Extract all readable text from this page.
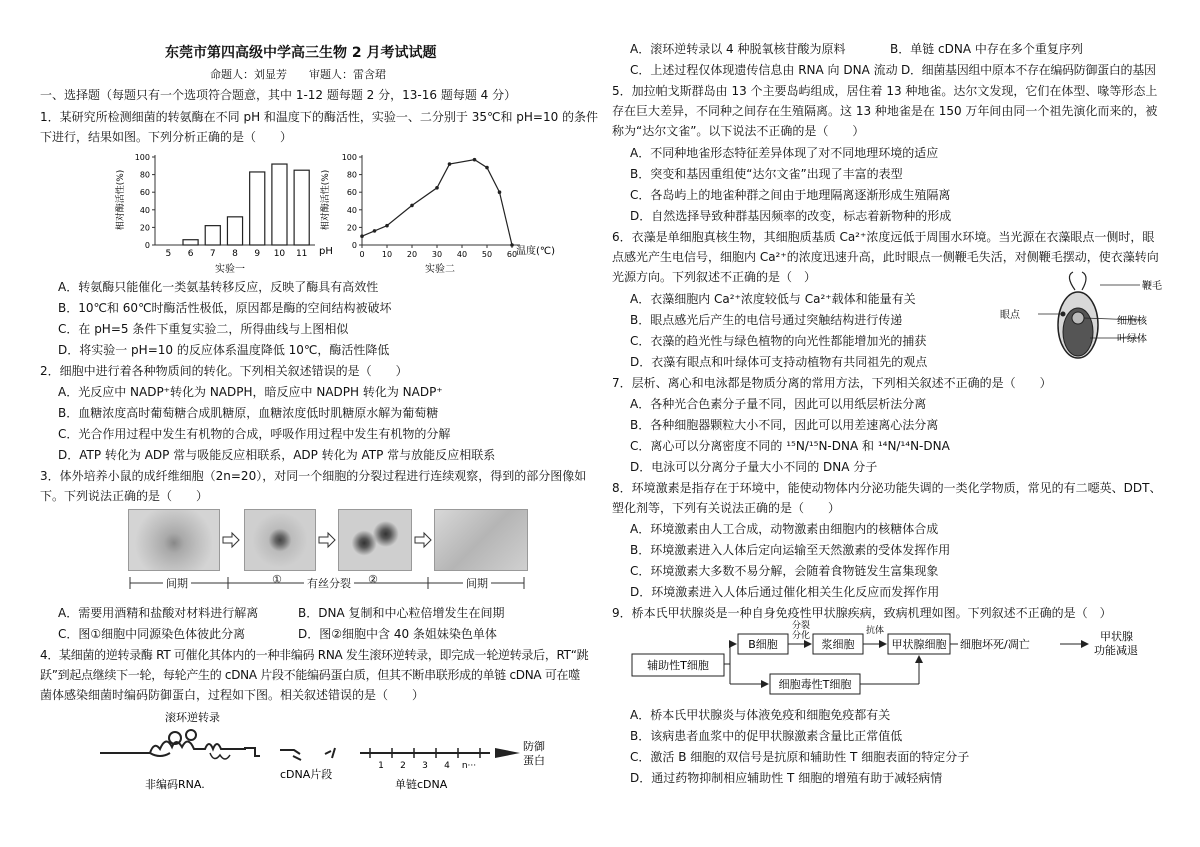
东莞市第四高级中学高三生物 2 月考试试题
命题人：刘显芳　　审题人：雷含珺
一、选择题（每题只有一个选项符合题意，其中 1-12 题每题 2 分，13-16 题每题 4 分）
1．某研究所检测细菌的转氨酶在不同 pH 和温度下的酶活性，实验一、二分别于 35℃和 pH=10 的条件
下进行，结果如图。下列分析正确的是（　　）
0
20
40
60
80
100
5 6 7 8 9 10 11
相对酶活性(%)
pH
实验一
0
20
40
60
80
100
0 10 20 30 40 50 60
相对酶活性(%)
温度(℃)
实验二
A．转氨酶只能催化一类氨基转移反应，反映了酶具有高效性
B．10℃和 60℃时酶活性极低，原因都是酶的空间结构被破坏
C．在 pH=5 条件下重复实验二，所得曲线与上图相似
D．将实验一 pH=10 的反应体系温度降低 10℃，酶活性降低
2．细胞中进行着各种物质间的转化。下列相关叙述错误的是（　　）
A．光反应中 NADP⁺转化为 NADPH，暗反应中 NADPH 转化为 NADP⁺
B．血糖浓度高时葡萄糖合成肌糖原，血糖浓度低时肌糖原水解为葡萄糖
C．光合作用过程中发生有机物的合成，呼吸作用过程中发生有机物的分解
D．ATP 转化为 ADP 常与吸能反应相联系，ADP 转化为 ATP 常与放能反应相联系
3．体外培养小鼠的成纤维细胞（2n=20），对同一个细胞的分裂过程进行连续观察，得到的部分图像如
下。下列说法正确的是（　　）
间期	① 有丝分裂 ②	间期
A．需要用酒精和盐酸对材料进行解离	B．DNA 复制和中心粒倍增发生在间期
C．图①细胞中同源染色体彼此分离	D．图②细胞中含 40 条姐妹染色单体
4．某细菌的逆转录酶 RT 可催化其体内的一种非编码 RNA 发生滚环逆转录，即完成一轮逆转录后，RT“跳
跃”到起点继续下一轮，每轮产生的 cDNA 片段不能编码蛋白质，但其不断串联形成的单链 cDNA 可在噬
菌体感染细菌时编码防御蛋白，过程如下图。相关叙述错误的是（　　）
滚环逆转录
非编码RNA.
cDNA片段
1 2 3 4 n···
防御
蛋白
单链cDNA
A．滚环逆转录以 4 种脱氧核苷酸为原料	B．单链 cDNA 中存在多个重复序列
C．上述过程仅体现遗传信息由 RNA 向 DNA 流动 D．细菌基因组中原本不存在编码防御蛋白的基因
5．加拉帕戈斯群岛由 13 个主要岛屿组成，居住着 13 种地雀。达尔文发现，它们在体型、喙等形态上
存在巨大差异，不同种之间存在生殖隔离。这 13 种地雀是在 150 万年间由同一个祖先演化而来的，被
称为“达尔文雀”。以下说法不正确的是（　　）
A．不同种地雀形态特征差异体现了对不同地理环境的适应
B．突变和基因重组使“达尔文雀”出现了丰富的表型
C．各岛屿上的地雀种群之间由于地理隔离逐渐形成生殖隔离
D．自然选择导致种群基因频率的改变，标志着新物种的形成
6．衣藻是单细胞真核生物，其细胞质基质 Ca²⁺浓度远低于周围水环境。当光源在衣藻眼点一侧时，眼
点感光产生电信号，细胞内 Ca²⁺的浓度迅速升高，此时眼点一侧鞭毛失活，对侧鞭毛摆动，使衣藻转向
光源方向。下列叙述不正确的是（　）
A．衣藻细胞内 Ca²⁺浓度较低与 Ca²⁺载体和能量有关
B．眼点感光后产生的电信号通过突触结构进行传递
C．衣藻的趋光性与绿色植物的向光性都能增加光的捕获
D．衣藻有眼点和叶绿体可支持动植物有共同祖先的观点
鞭毛
眼点
细胞核
叶绿体
7．层析、离心和电泳都是物质分离的常用方法，下列相关叙述不正确的是（　　）
A．各种光合色素分子量不同，因此可以用纸层析法分离
B．各种细胞器颗粒大小不同，因此可以用差速离心法分离
C．离心可以分离密度不同的 ¹⁵N/¹⁵N-DNA 和 ¹⁴N/¹⁴N-DNA
D．电泳可以分离分子量大小不同的 DNA 分子
8．环境激素是指存在于环境中，能使动物体内分泌功能失调的一类化学物质，常见的有二噁英、DDT、
塑化剂等，下列有关说法正确的是（　　）
A．环境激素由人工合成，动物激素由细胞内的核糖体合成
B．环境激素进入人体后定向运输至天然激素的受体发挥作用
C．环境激素大多数不易分解，会随着食物链发生富集现象
D．环境激素进入人体后通过催化相关生化反应而发挥作用
9．桥本氏甲状腺炎是一种自身免疫性甲状腺疾病，致病机理如图。下列叙述不正确的是（　）
辅助性T细胞
B细胞	浆细胞	甲状腺细胞
细胞毒性T细胞
细胞坏死/凋亡
甲状腺
功能减退
分裂
分化	抗体
A．桥本氏甲状腺炎与体液免疫和细胞免疫都有关
B．该病患者血浆中的促甲状腺激素含量比正常值低
C．激活 B 细胞的双信号是抗原和辅助性 T 细胞表面的特定分子
D．通过药物抑制相应辅助性 T 细胞的增殖有助于减轻病情
